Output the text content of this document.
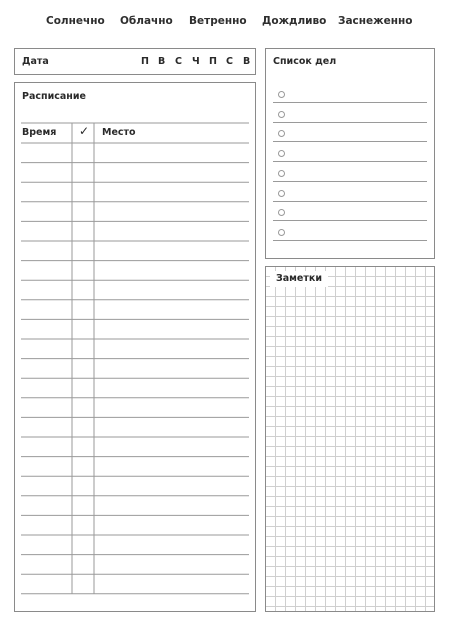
Солнечно Облачно Ветренно Дождливо Заснеженно
Дата	П В С Ч П С В
Расписание
Время ✓ Место
Список дел
Заметки
